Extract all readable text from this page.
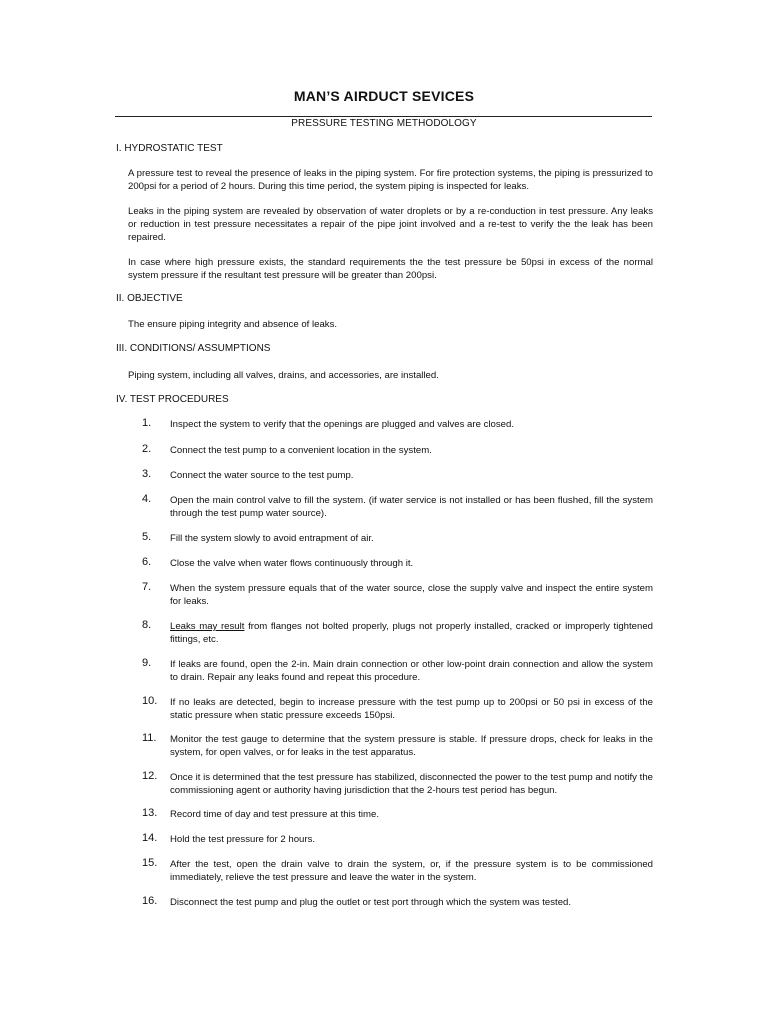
MAN’S AIRDUCT SEVICES
PRESSURE TESTING METHODOLOGY
I. HYDROSTATIC TEST
A pressure test to reveal the presence of leaks in the piping system. For fire protection systems, the piping is pressurized to 200psi for a period of 2 hours. During this time period, the system piping is inspected for leaks.
Leaks in the piping system are revealed by observation of water droplets or by a re-conduction in test pressure. Any leaks or reduction in test pressure necessitates a repair of the pipe joint involved and a re-test to verify the the leak has been repaired.
In case where high pressure exists, the standard requirements the the test pressure be 50psi in excess of the normal system pressure if the resultant test pressure will be greater than 200psi.
II. OBJECTIVE
The ensure piping integrity and absence of leaks.
III. CONDITIONS/ ASSUMPTIONS
Piping system, including all valves, drains, and accessories, are installed.
IV. TEST PROCEDURES
1.	Inspect the system to verify that the openings are plugged and valves are closed.
2.	Connect the test pump to a convenient location in the system.
3.	Connect the water source to the test pump.
4.	Open the main control valve to fill the system. (if water service is not installed or has been flushed, fill the system through the test pump water source).
5.	Fill the system slowly to avoid entrapment of air.
6.	Close the valve when water flows continuously through it.
7.	When the system pressure equals that of the water source, close the supply valve and inspect the entire system for leaks.
8.	Leaks may result from flanges not bolted properly, plugs not properly installed, cracked or improperly tightened fittings, etc.
9.	If leaks are found, open the 2-in. Main drain connection or other low-point drain connection and allow the system to drain. Repair any leaks found and repeat this procedure.
10.	If no leaks are detected, begin to increase pressure with the test pump up to 200psi or 50 psi in excess of the static pressure when static pressure exceeds 150psi.
11.	Monitor the test gauge to determine that the system pressure is stable. If pressure drops, check for leaks in the system, for open valves, or for leaks in the test apparatus.
12.	Once it is determined that the test pressure has stabilized, disconnected the power to the test pump and notify the commissioning agent or authority having jurisdiction that the 2-hours test period has begun.
13.	Record time of day and test pressure at this time.
14.	Hold the test pressure for 2 hours.
15.	After the test, open the drain valve to drain the system, or, if the pressure system is to be commissioned immediately, relieve the test pressure and leave the water in the system.
16.	Disconnect the test pump and plug the outlet or test port through which the system was tested.
